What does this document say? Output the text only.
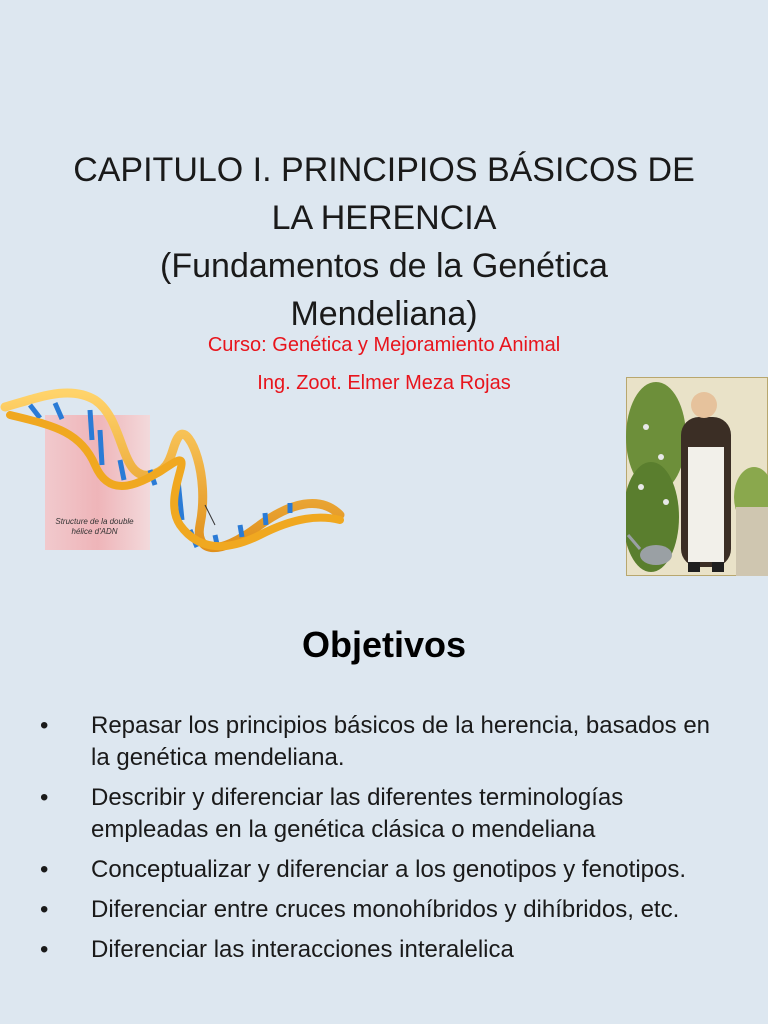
CAPITULO I. PRINCIPIOS BÁSICOS DE
LA HERENCIA
(Fundamentos de la Genética
Mendeliana)

Curso: Genética y Mejoramiento Animal

Ing. Zoot. Elmer Meza Rojas

Structure de la double hélice d'ADN
Objetivos
• Repasar los principios básicos de la herencia, basados en la genética mendeliana.
• Describir y diferenciar las diferentes terminologías empleadas en la genética clásica o mendeliana
• Conceptualizar y diferenciar a los genotipos y fenotipos.
• Diferenciar entre cruces monohíbridos y dihíbridos, etc.
• Diferenciar las interacciones interalelica
